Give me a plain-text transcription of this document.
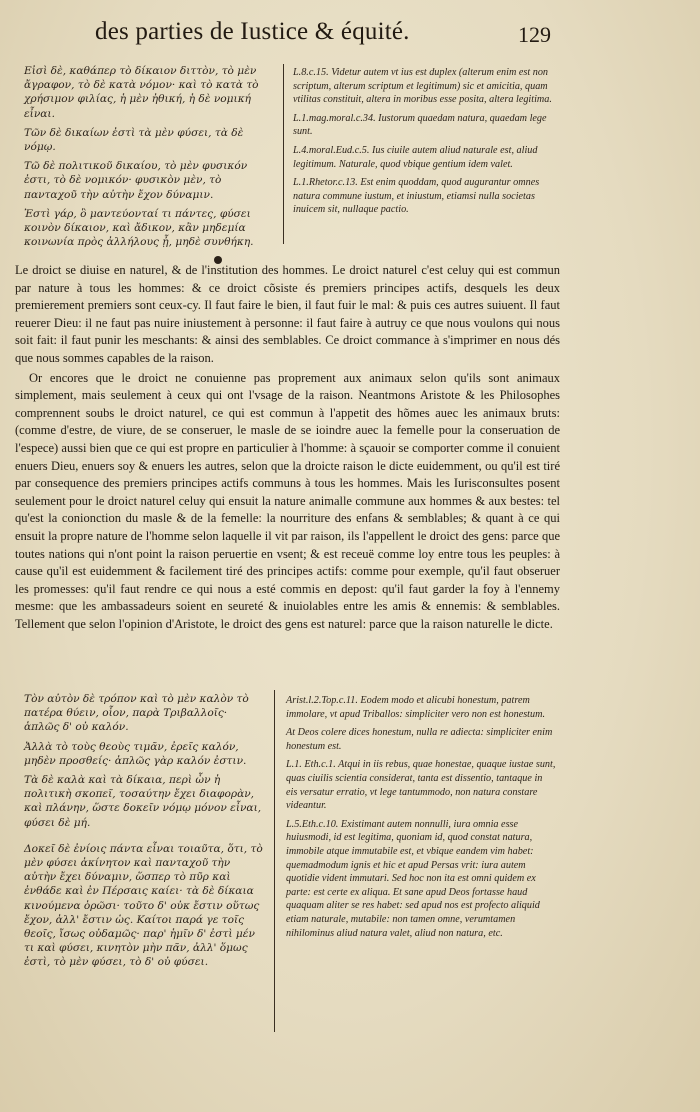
des parties de Iustice & équité.	129

Εἰσὶ δὲ, καθάπερ τὸ δίκαιον διττὸν, τὸ μὲν ἄγραφον, τὸ δὲ κατὰ νόμον· καὶ τὸ κατὰ τὸ χρήσιμον φιλίας, ἡ μὲν ἠθική, ἡ δὲ νομική εἶναι.

Τῶν δὲ δικαίων ἐστὶ τὰ μὲν φύσει, τὰ δὲ νόμῳ.

Τῶ δὲ πολιτικοῦ δικαίου, τὸ μὲν φυσικόν ἐστι, τὸ δὲ νομικόν· φυσικὸν μὲν, τὸ πανταχοῦ τὴν αὐτὴν ἔχον δύναμιν.

Ἐστὶ γάρ, ὃ μαντεύονταί τι πάντες, φύσει κοινὸν δίκαιον, καὶ ἄδικον, κἂν μηδεμία κοινωνία πρὸς ἀλλήλους ᾖ, μηδὲ συνθήκη.

L.8.c.15. Videtur autem vt ius est duplex (alterum enim est non scriptum, alterum scriptum et legitimum) sic et amicitia, quam vtilitas constituit, altera in moribus esse posita, altera legitima.

L.1.mag.moral.c.34. Iustorum quaedam natura, quaedam lege sunt.

L.4.moral.Eud.c.5. Ius ciuile autem aliud naturale est, aliud legitimum. Naturale, quod vbique gentium idem valet.

L.1.Rhetor.c.13. Est enim quoddam, quod augurantur omnes natura commune iustum, et iniustum, etiamsi nulla societas inuicem sit, nullaque pactio.

Le droict se diuise en naturel, & de l'institution des hommes. Le droict naturel c'est celuy qui est commun par nature à tous les hommes: & ce droict cõsiste és premiers principes actifs, desquels les deux premierement premiers sont ceux-cy. Il faut faire le bien, il faut fuir le mal: & puis ces autres suiuent. Il faut reuerer Dieu: il ne faut pas nuire iniustement à personne: il faut faire à autruy ce que nous voulons qui nous soit fait: il faut punir les meschants: & ainsi des semblables. Ce droict commance à s'imprimer en nous dés que nous sommes capables de la raison.

Or encores que le droict ne conuienne pas proprement aux animaux selon qu'ils sont animaux simplement, mais seulement à ceux qui ont l'vsage de la raison. Neantmons Aristote & les Philosophes comprennent soubs le droict naturel, ce qui est commun à l'appetit des hõmes auec les animaux bruts: (comme d'estre, de viure, de se conseruer, le masle de se ioindre auec la femelle pour la conseruation de l'espece) aussi bien que ce qui est propre en particulier à l'homme: à sçauoir se comporter comme il conuient enuers Dieu, enuers soy & enuers les autres, selon que la droicte raison le dicte euidemment, ou qu'il est tiré par consequence des premiers principes actifs communs à tous les hommes. Mais les Iurisconsultes posent seulement pour le droict naturel celuy qui ensuit la nature animalle commune aux hommes & aux bestes: tel qu'est la conionction du masle & de la femelle: la nourriture des enfans & semblables; & quant à ce qui ensuit la propre nature de l'homme selon laquelle il vit par raison, ils l'appellent le droict des gens: parce que toutes nations qui n'ont point la raison peruertie en vsent; & est receuë comme loy entre tous les peuples: à cause qu'il est euidemment & facilement tiré des principes actifs: comme pour exemple, qu'il faut obseruer les promesses: qu'il faut rendre ce qui nous a esté commis en depost: qu'il faut garder la foy à l'ennemy mesme: que les ambassadeurs soient en seureté & inuiolables entre les amis & ennemis: & semblables. Tellement que selon l'opinion d'Aristote, le droict des gens est naturel: parce que la raison naturelle le dicte.

Τὸν αὐτὸν δὲ τρόπον καὶ τὸ μὲν καλὸν τὸ πατέρα θύειν, οἷον, παρὰ Τριβαλλοῖς· ἁπλῶς δ' οὐ καλόν.

Ἀλλὰ τὸ τοὺς θεοὺς τιμᾶν, ἐρεῖς καλόν, μηδὲν προσθείς· ἁπλῶς γὰρ καλόν ἐστιν.

Τὰ δὲ καλὰ καὶ τὰ δίκαια, περὶ ὧν ἡ πολιτικὴ σκοπεῖ, τοσαύτην ἔχει διαφορὰν, καὶ πλάνην, ὥστε δοκεῖν νόμῳ μόνον εἶναι, φύσει δὲ μή.

Δοκεῖ δὲ ἐνίοις πάντα εἶναι τοιαῦτα, ὅτι, τὸ μὲν φύσει ἀκίνητον καὶ πανταχοῦ τὴν αὐτὴν ἔχει δύναμιν, ὥσπερ τὸ πῦρ καὶ ἐνθάδε καὶ ἐν Πέρσαις καίει· τὰ δὲ δίκαια κινούμενα ὁρῶσι· τοῦτο δ' οὐκ ἔστιν οὕτως ἔχον, ἀλλ' ἔστιν ὡς. Καίτοι παρά γε τοῖς θεοῖς, ἴσως οὐδαμῶς· παρ' ἡμῖν δ' ἐστὶ μέν τι καὶ φύσει, κινητὸν μὴν πᾶν, ἀλλ' ὅμως ἐστὶ, τὸ μὲν φύσει, τὸ δ' οὐ φύσει.

Arist.l.2.Top.c.11. Eodem modo et alicubi honestum, patrem immolare, vt apud Triballos: simpliciter vero non est honestum.

At Deos colere dices honestum, nulla re adiecta: simpliciter enim honestum est.

L.1. Eth.c.1. Atqui in iis rebus, quae honestae, quaque iustae sunt, quas ciuilis scientia considerat, tanta est dissentio, tantaque in eis versatur erratio, vt lege tantummodo, non natura constare videantur.

L.5.Eth.c.10. Existimant autem nonnulli, iura omnia esse huiusmodi, id est legitima, quoniam id, quod constat natura, immobile atque immutabile est, et vbique eandem vim habet: quemadmodum ignis et hic et apud Persas vrit: iura autem quotidie vident immutari. Sed hoc non ita est omni quidem ex parte: est certe ex aliqua. Et sane apud Deos fortasse haud quaquam aliter se res habet: sed apud nos est profecto aliquid etiam naturale, mutabile: non tamen omne, verumtamen nihilominus aliud natura valet, aliud non natura, etc.
